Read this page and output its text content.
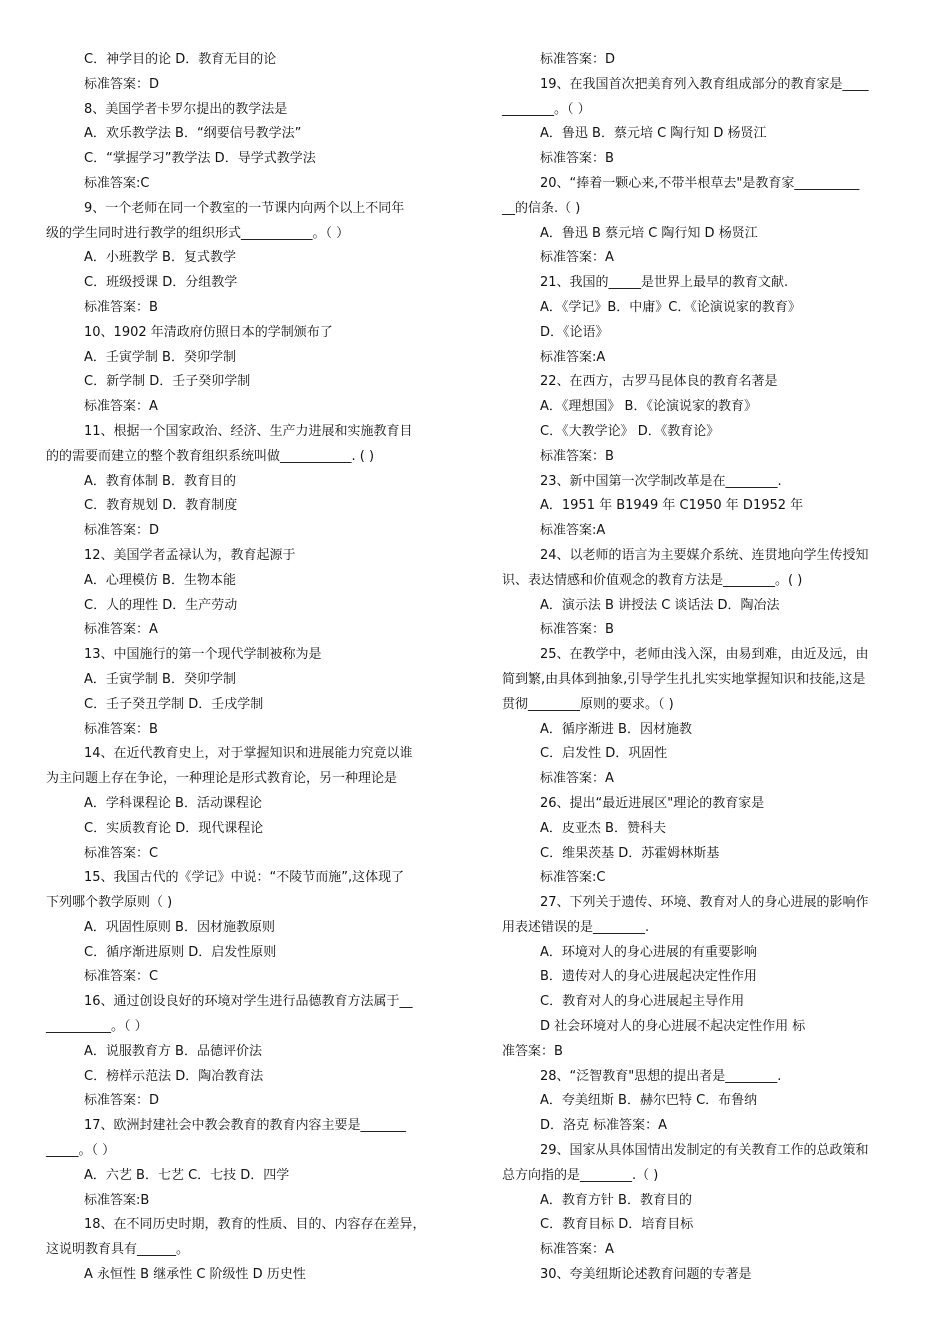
C．神学目的论 D．教育无目的论
标准答案：D
8、美国学者卡罗尔提出的教学法是
A．欢乐教学法 B．“纲要信号教学法”
C．“掌握学习”教学法 D．导学式教学法
标准答案:C
9、一个老师在同一个教室的一节课内向两个以上不同年
级的学生同时进行教学的组织形式___________。（ ）
A．小班教学 B．复式教学
C．班级授课 D．分组教学
标准答案：B
10、1902 年清政府仿照日本的学制颁布了
A．壬寅学制 B．癸卯学制
C．新学制 D．壬子癸卯学制
标准答案：A
11、根据一个国家政治、经济、生产力进展和实施教育目
的的需要而建立的整个教育组织系统叫做___________. ( )
A．教育体制 B．教育目的
C．教育规划 D．教育制度
标准答案：D
12、美国学者孟禄认为，教育起源于
A．心理模仿 B．生物本能
C．人的理性 D．生产劳动
标准答案：A
13、中国施行的第一个现代学制被称为是
A．壬寅学制 B．癸卯学制
C．壬子癸丑学制 D．壬戌学制
标准答案：B
14、在近代教育史上，对于掌握知识和进展能力究竟以谁
为主问题上存在争论，一种理论是形式教育论，另一种理论是
A．学科课程论 B．活动课程论
C．实质教育论 D．现代课程论
标准答案：C
15、我国古代的《学记》中说：“不陵节而施”,这体现了
下列哪个教学原则（ )
A．巩固性原则 B．因材施教原则
C．循序渐进原则 D．启发性原则
标准答案：C
16、通过创设良好的环境对学生进行品德教育方法属于__
__________。（ ）
A．说服教育方 B．品德评价法
C．榜样示范法 D．陶冶教育法
标准答案：D
17、欧洲封建社会中教会教育的教育内容主要是_______
_____。（ ）
A．六艺 B．七艺 C．七技 D．四学
标准答案:B
18、在不同历史时期，教育的性质、目的、内容存在差异，
这说明教育具有______。
A 永恒性 B 继承性 C 阶级性 D 历史性
标准答案：D
19、在我国首次把美育列入教育组成部分的教育家是____
________。（ ）
A．鲁迅 B．蔡元培 C 陶行知 D 杨贤江
标准答案：B
20、“捧着一颗心来,不带半根草去"是教育家__________
__的信条.（ )
A．鲁迅 B 蔡元培 C 陶行知 D 杨贤江
标准答案：A
21、我国的_____是世界上最早的教育文献.
A．《学记》B．中庸》C．《论演说家的教育》
D．《论语》
标准答案:A
22、在西方，古罗马昆体良的教育名著是
A．《理想国》 B．《论演说家的教育》
C．《大教学论》 D．《教育论》
标准答案：B
23、新中国第一次学制改革是在________.
A．1951 年 B1949 年 C1950 年 D1952 年
标准答案:A
24、以老师的语言为主要媒介系统、连贯地向学生传授知
识、表达情感和价值观念的教育方法是________。( )
A．演示法 B 讲授法 C 谈话法 D．陶冶法
标准答案：B
25、在教学中，老师由浅入深，由易到难，由近及远，由
简到繁,由具体到抽象,引导学生扎扎实实地掌握知识和技能,这是
贯彻________原则的要求。（ )
A．循序渐进 B．因材施教
C．启发性 D．巩固性
标准答案：A
26、提出“最近进展区"理论的教育家是
A．皮亚杰 B．赞科夫
C．维果茨基 D．苏霍姆林斯基
标准答案:C
27、下列关于遗传、环境、教育对人的身心进展的影响作
用表述错误的是________.
A．环境对人的身心进展的有重要影响
B．遗传对人的身心进展起决定性作用
C．教育对人的身心进展起主导作用
D 社会环境对人的身心进展不起决定性作用 标
准答案：B
28、“泛智教育"思想的提出者是________.
A．夸美纽斯 B．赫尔巴特 C．布鲁纳
D．洛克 标准答案：A
29、国家从具体国情出发制定的有关教育工作的总政策和
总方向指的是________.（ )
A．教育方针 B．教育目的
C．教育目标 D．培育目标
标准答案：A
30、夸美纽斯论述教育问题的专著是
